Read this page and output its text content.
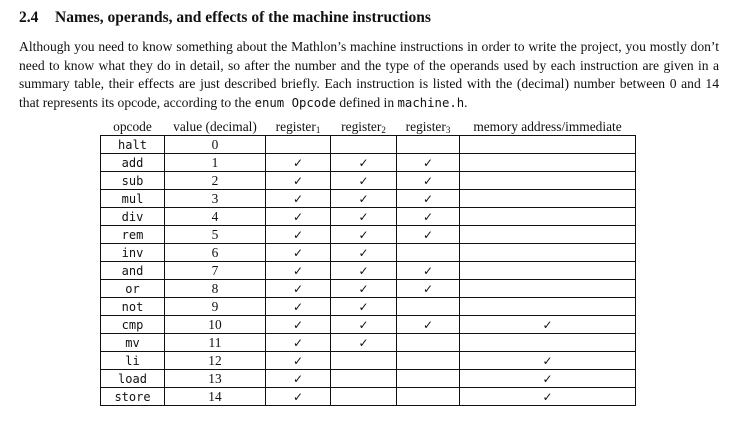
2.4 Names, operands, and effects of the machine instructions

Although you need to know something about the Mathlon’s machine instructions in order to write the project, you mostly don’t need to know what they do in detail, so after the number and the type of the operands used by each instruction are given in a summary table, their effects are just described briefly. Each instruction is listed with the (decimal) number between 0 and 14 that represents its opcode, according to the enum Opcode defined in machine.h.

opcode	value (decimal)	register$_1$	register$_2$	register$_3$	memory address/immediate
halt	0				
add	1	✓	✓	✓	
sub	2	✓	✓	✓	
mul	3	✓	✓	✓	
div	4	✓	✓	✓	
rem	5	✓	✓	✓	
inv	6	✓	✓		
and	7	✓	✓	✓	
or	8	✓	✓	✓	
not	9	✓	✓		
cmp	10	✓	✓	✓	✓
mv	11	✓	✓		
li	12	✓			✓
load	13	✓			✓
store	14	✓			✓
